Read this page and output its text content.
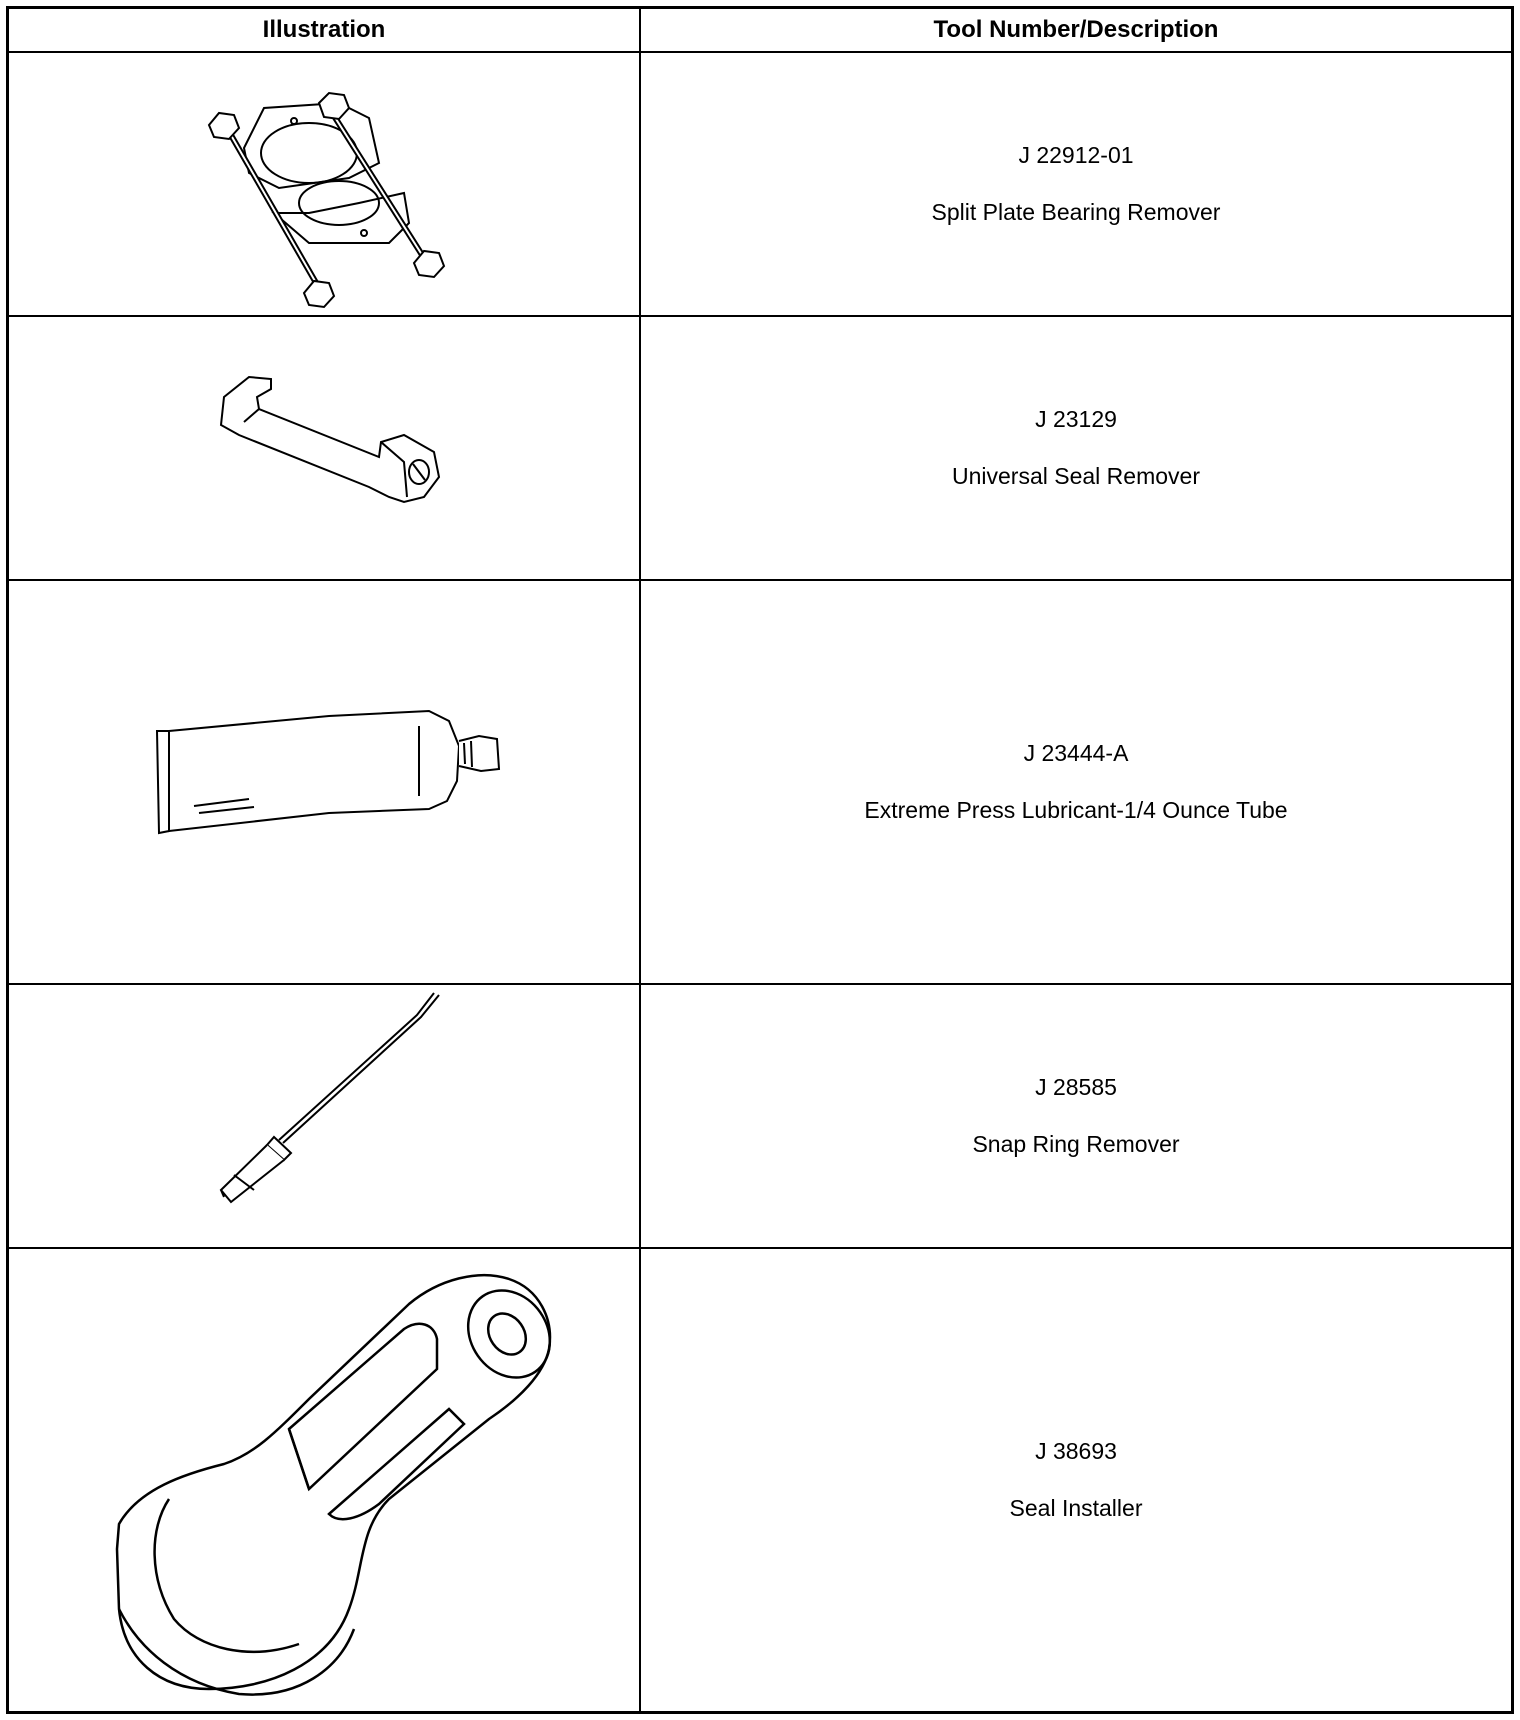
Illustration	Tool Number/Description
J 22912-01
Split Plate Bearing Remover
J 23129
Universal Seal Remover
J 23444-A
Extreme Press Lubricant-1/4 Ounce Tube
J 28585
Snap Ring Remover
J 38693
Seal Installer
